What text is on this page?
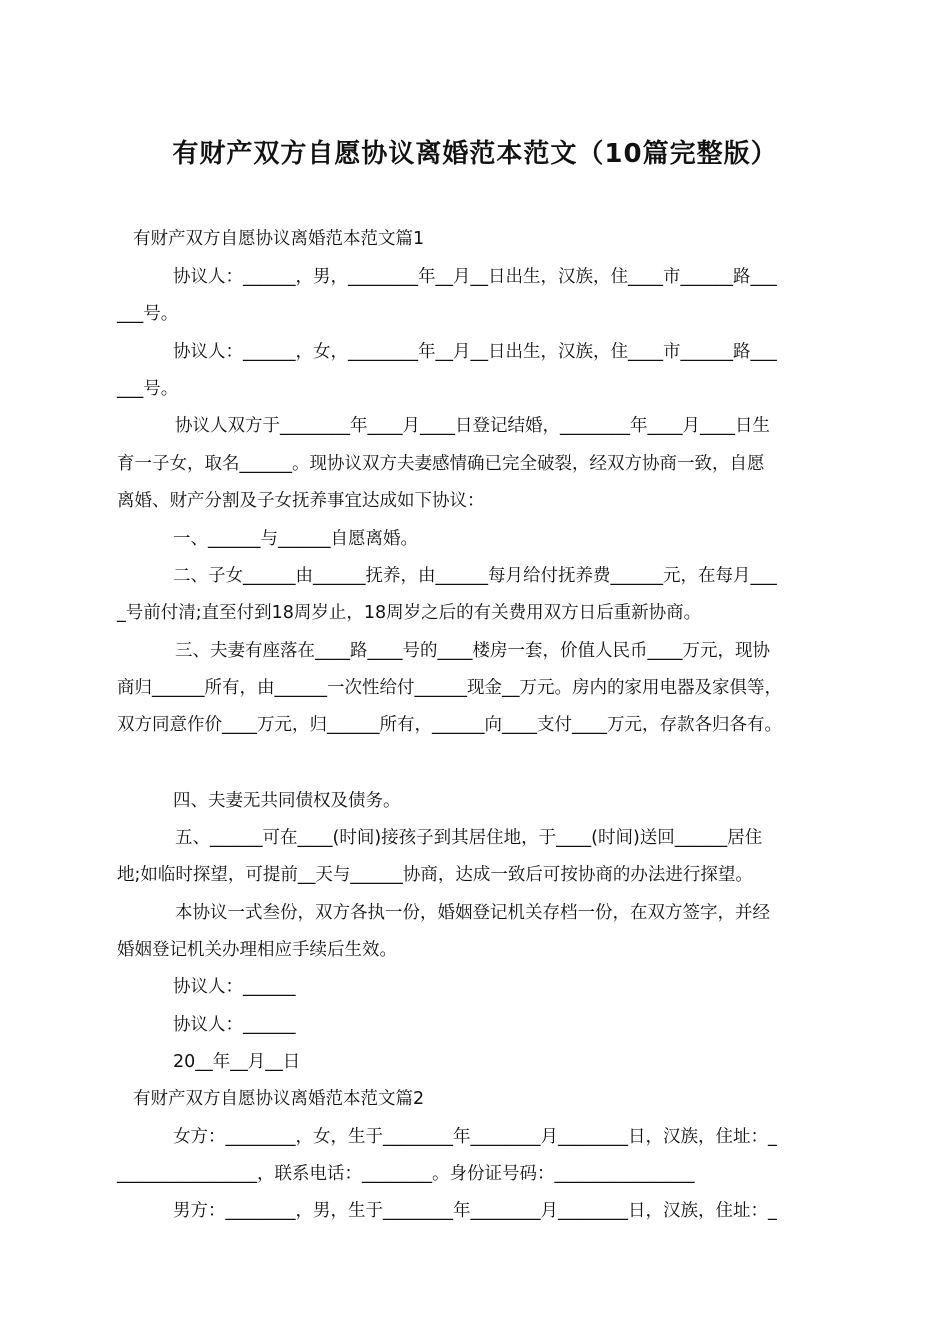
有财产双方自愿协议离婚范本范文（10篇完整版）
有财产双方自愿协议离婚范本范文篇1
协议人：______，男，________年__月__日出生，汉族，住____市______路___
___号。
协议人：______，女，________年__月__日出生，汉族，住____市______路___
___号。
协议人双方于________年____月____日登记结婚，________年____月____日生
育一子女，取名______。现协议双方夫妻感情确已完全破裂，经双方协商一致，自愿
离婚、财产分割及子女抚养事宜达成如下协议：
一、______与______自愿离婚。
二、子女______由______抚养，由______每月给付抚养费______元，在每月___
_号前付清;直至付到18周岁止，18周岁之后的有关费用双方日后重新协商。
三、夫妻有座落在____路____号的____楼房一套，价值人民币____万元，现协
商归______所有，由______一次性给付______现金__万元。房内的家用电器及家俱等，
双方同意作价____万元，归______所有，______向____支付____万元，存款各归各有。
四、夫妻无共同债权及债务。
五、______可在____(时间)接孩子到其居住地，于____(时间)送回______居住
地;如临时探望，可提前__天与______协商，达成一致后可按协商的办法进行探望。
本协议一式叁份，双方各执一份，婚姻登记机关存档一份，在双方签字，并经
婚姻登记机关办理相应手续后生效。
协议人：______
协议人：______
20__年__月__日
有财产双方自愿协议离婚范本范文篇2
女方：________，女，生于________年________月________日，汉族，住址：_
________________，联系电话：________。身份证号码：________________
男方：________，男，生于________年________月________日，汉族，住址：_
